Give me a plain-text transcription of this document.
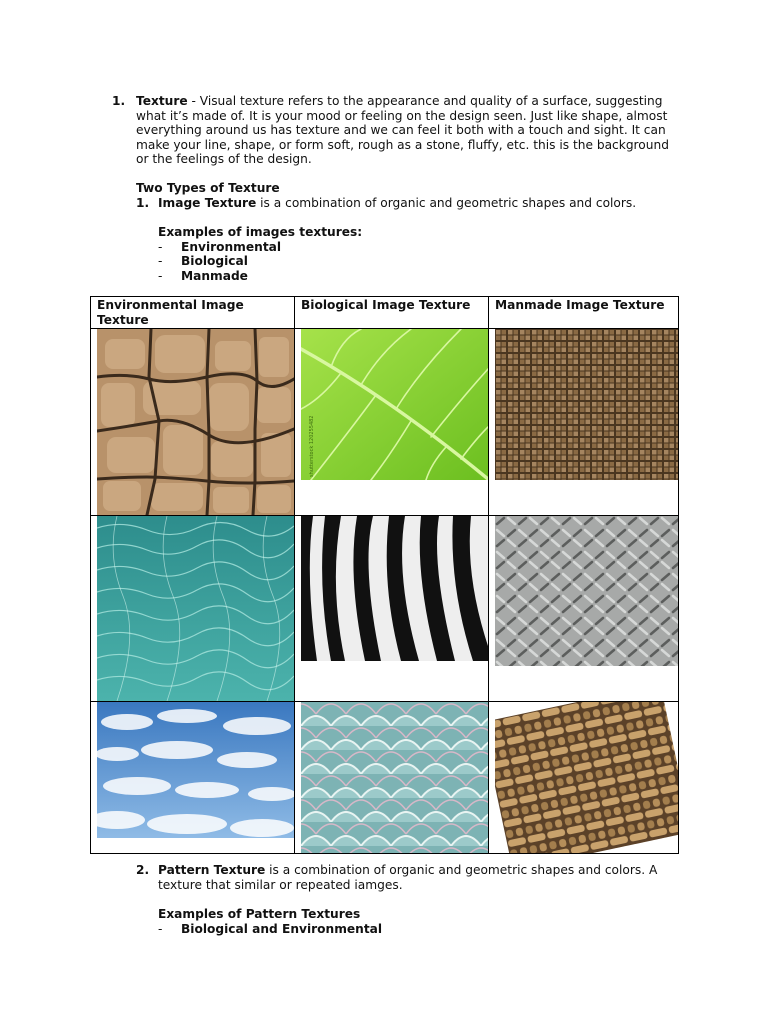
1. Texture - Visual texture refers to the appearance and quality of a surface, suggesting
what it’s made of. It is your mood or feeling on the design seen. Just like shape, almost
everything around us has texture and we can feel it both with a touch and sight. It can
make your line, shape, or form soft, rough as a stone, fluffy, etc. this is the background
or the feelings of the design.
Two Types of Texture
1. Image Texture is a combination of organic and geometric shapes and colors.
Examples of images textures:
- Environmental
- Biological
- Manmade
Environmental Image
Texture	Biological Image Texture	Manmade Image Texture

shutterstock 120255482

2. Pattern Texture is a combination of organic and geometric shapes and colors. A
texture that similar or repeated iamges.
Examples of Pattern Textures
- Biological and Environmental
